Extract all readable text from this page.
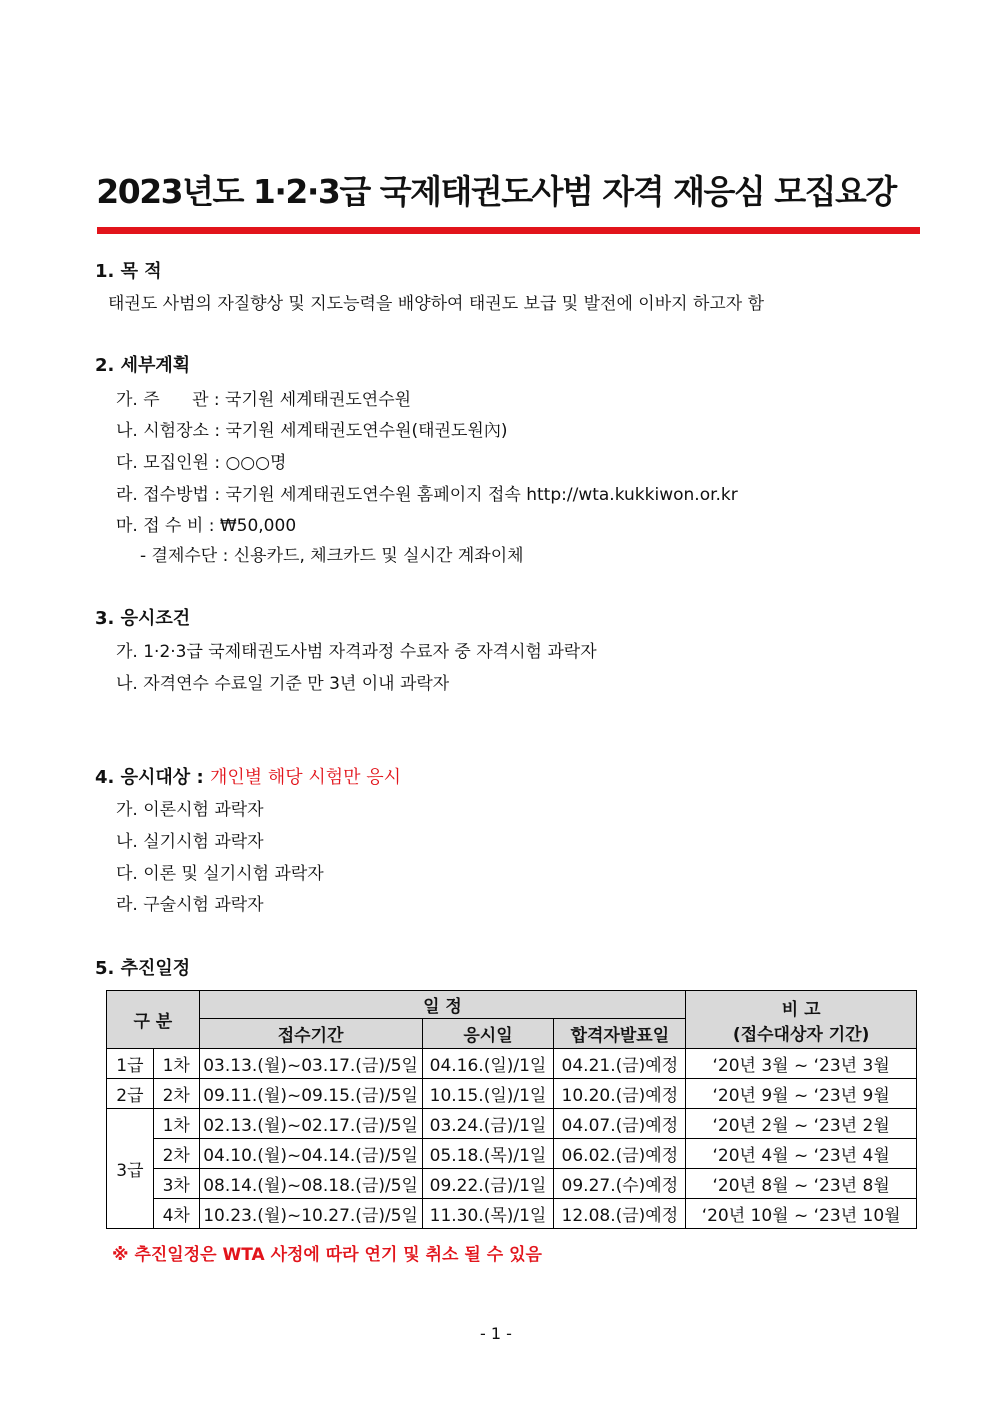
2023년도 1·2·3급 국제태권도사범 자격 재응심 모집요강
1. 목 적
태권도 사범의 자질향상 및 지도능력을 배양하여 태권도 보급 및 발전에 이바지 하고자 함
2. 세부계획
가. 주      관 : 국기원 세계태권도연수원
나. 시험장소 : 국기원 세계태권도연수원(태권도원內)
다. 모집인원 : ○○○명
라. 접수방법 : 국기원 세계태권도연수원 홈페이지 접속 http://wta.kukkiwon.or.kr
마. 접 수 비 : ₩50,000
- 결제수단 : 신용카드, 체크카드 및 실시간 계좌이체
3. 응시조건
가. 1·2·3급 국제태권도사범 자격과정 수료자 중 자격시험 과락자
나. 자격연수 수료일 기준 만 3년 이내 과락자
4. 응시대상 : 개인별 해당 시험만 응시
가. 이론시험 과락자
나. 실기시험 과락자
다. 이론 및 실기시험 과락자
라. 구술시험 과락자
5. 추진일정
구 분		일 정			비 고
(접수대상자 기간)

		접수기간	응시일	합격자발표일	
1급	1차	03.13.(월)~03.17.(금)/5일	04.16.(일)/1일	04.21.(금)예정	‘20년 3월 ~ ‘23년 3월
2급	2차	09.11.(월)~09.15.(금)/5일	10.15.(일)/1일	10.20.(금)예정	‘20년 9월 ~ ‘23년 9월
3급	1차	02.13.(월)~02.17.(금)/5일	03.24.(금)/1일	04.07.(금)예정	‘20년 2월 ~ ‘23년 2월
	2차	04.10.(월)~04.14.(금)/5일	05.18.(목)/1일	06.02.(금)예정	‘20년 4월 ~ ‘23년 4월
	3차	08.14.(월)~08.18.(금)/5일	09.22.(금)/1일	09.27.(수)예정	‘20년 8월 ~ ‘23년 8월
	4차	10.23.(월)~10.27.(금)/5일	11.30.(목)/1일	12.08.(금)예정	‘20년 10월 ~ ‘23년 10월
※ 추진일정은 WTA 사정에 따라 연기 및 취소 될 수 있음
- 1 -
